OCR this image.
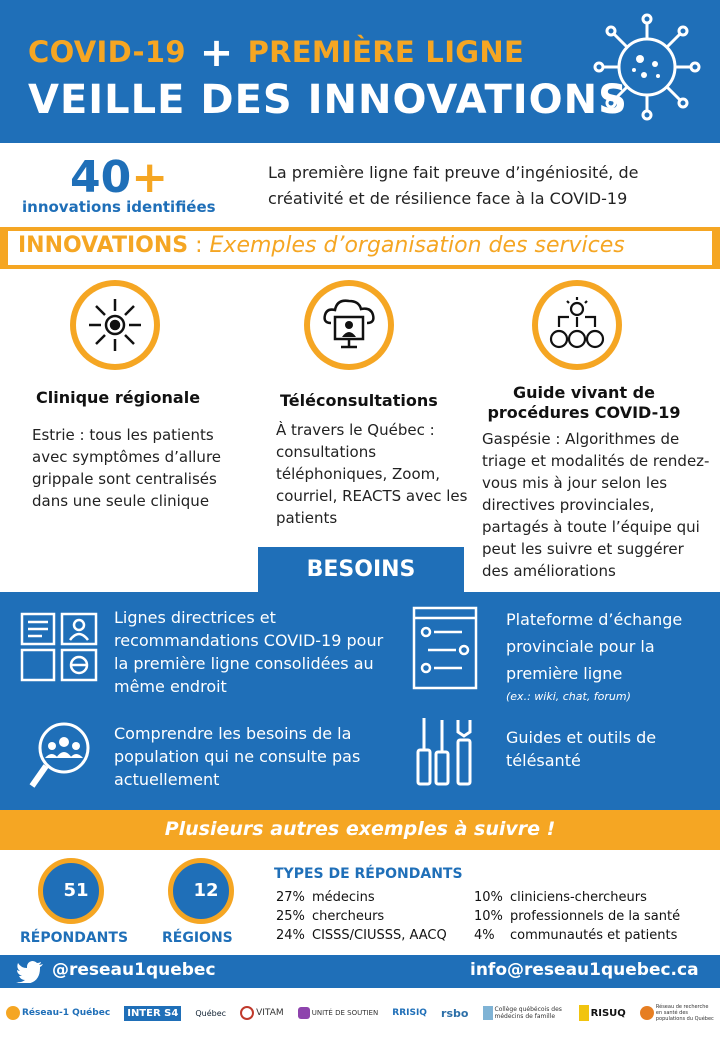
COVID-19 + PREMIÈRE LIGNE
VEILLE DES INNOVATIONS
40+
innovations identifiées
La première ligne fait preuve d’ingéniosité, de créativité et de résilience face à la COVID-19
INNOVATIONS : Exemples d’organisation des services
Clinique régionale
Estrie : tous les patients avec symptômes d’allure grippale sont centralisés dans une seule clinique
Téléconsultations
À travers le Québec : consultations téléphoniques, Zoom, courriel, REACTS avec les patients
Guide vivant de procédures COVID-19
Gaspésie : Algorithmes de triage et modalités de rendez-vous mis à jour selon les directives provinciales, partagés à toute l’équipe qui peut les suivre et suggérer des améliorations
BESOINS
Lignes directrices et recommandations COVID-19 pour la première ligne consolidées au même endroit
Plateforme d’échange provinciale pour la première ligne
(ex.: wiki, chat, forum)
Comprendre les besoins de la population qui ne consulte pas actuellement
Guides et outils de télésanté
Plusieurs autres exemples à suivre !
51
RÉPONDANTS
12
RÉGIONS
TYPES DE RÉPONDANTS
27% médecins
25% chercheurs
24% CISSS/CIUSSS, AACQ
10% cliniciens-chercheurs
10% professionnels de la santé
4% communautés et patients
@reseau1quebec	info@reseau1quebec.ca
Réseau-1 Québec	INTER S4	Québec	VITAM	UNITÉ DE SOUTIEN RRISIQ rsbo	Collège québécois des médecins de famille	RISUQ
Réseau de recherche en santé des populations du Québec
